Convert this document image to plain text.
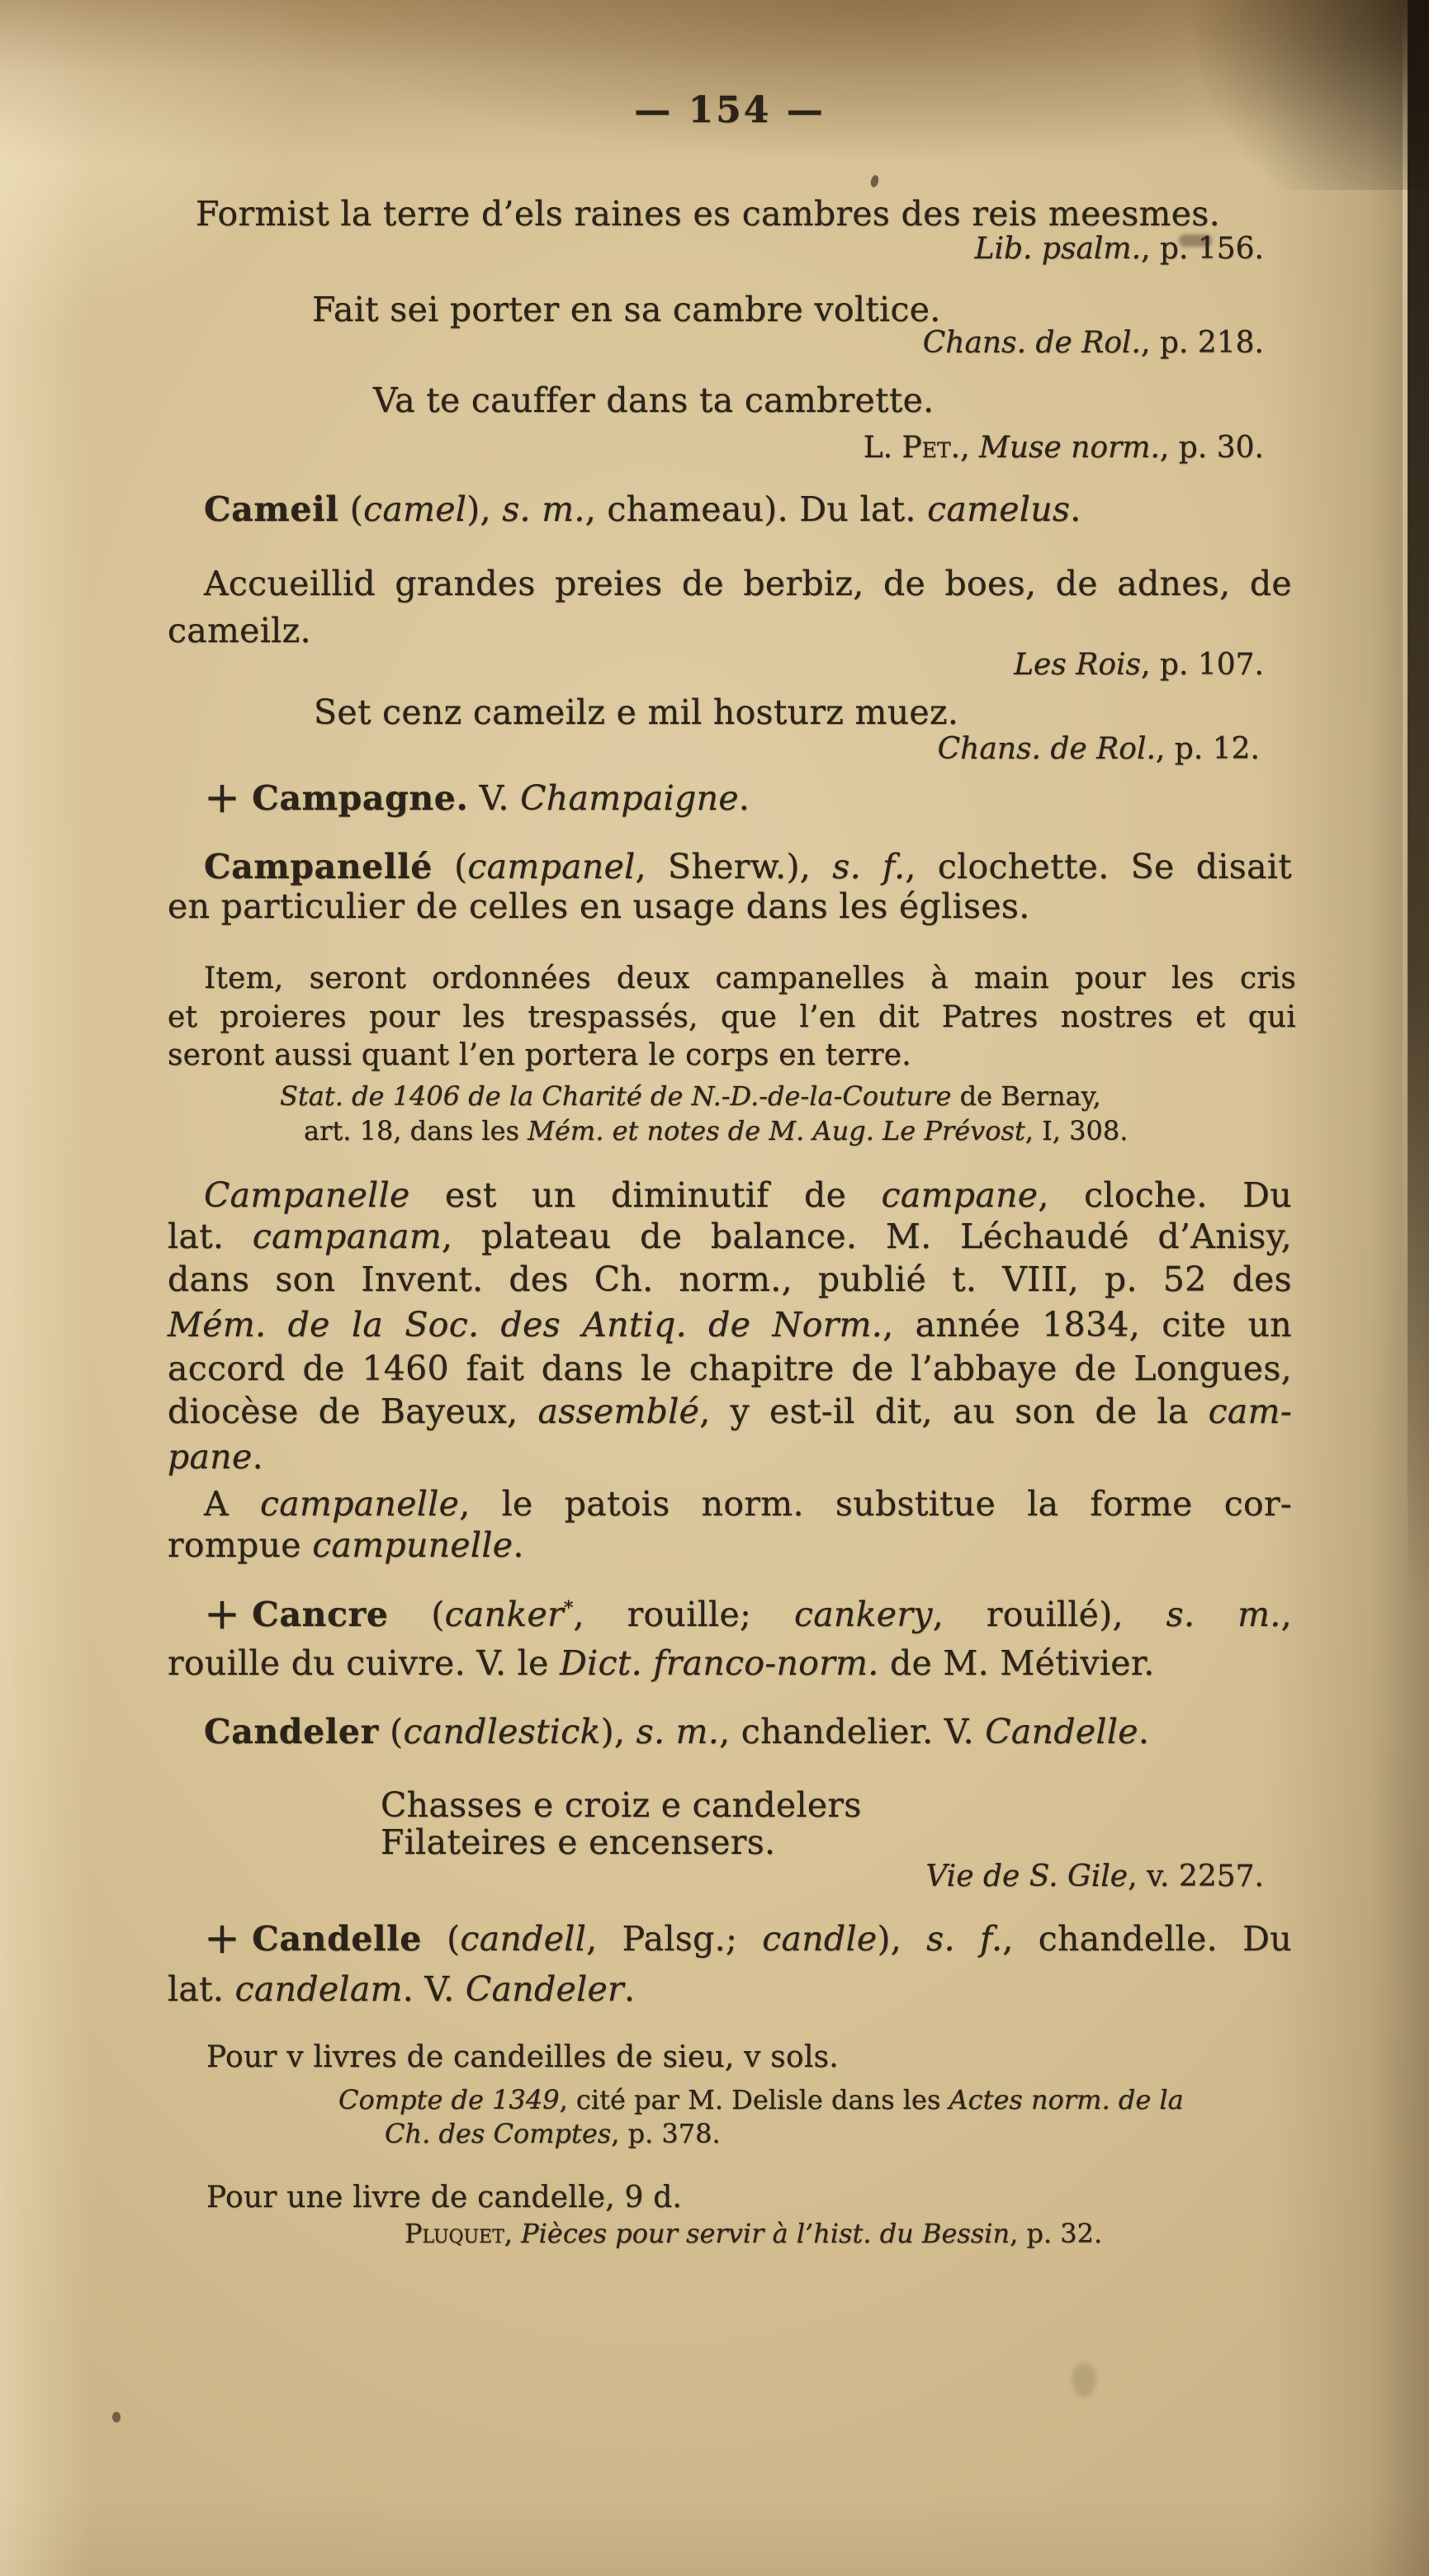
— 154 —
Formist la terre d’els raines es cambres des reis meesmes.
Lib. psalm., p. 156.
Fait sei porter en sa cambre voltice.
Chans. de Rol., p. 218.
Va te cauffer dans ta cambrette.
L. Pet., Muse norm., p. 30.
Cameil (camel), s. m., chameau). Du lat. camelus.
Accueillid grandes preies de berbiz, de boes, de adnes, de
cameilz.
Les Rois, p. 107.
Set cenz cameilz e mil hosturz muez.
Chans. de Rol., p. 12.
+ Campagne. V. Champaigne.
Campanellé (campanel, Sherw.), s. f., clochette. Se disait
en particulier de celles en usage dans les églises.
Item, seront ordonnées deux campanelles à main pour les cris
et proieres pour les trespassés, que l’en dit Patres nostres et qui
seront aussi quant l’en portera le corps en terre.
Stat. de 1406 de la Charité de N.-D.-de-la-Couture de Bernay,
art. 18, dans les Mém. et notes de M. Aug. Le Prévost, I, 308.
Campanelle est un diminutif de campane, cloche. Du
lat. campanam, plateau de balance. M. Léchaudé d’Anisy,
dans son Invent. des Ch. norm., publié t. VIII, p. 52 des
Mém. de la Soc. des Antiq. de Norm., année 1834, cite un
accord de 1460 fait dans le chapitre de l’abbaye de Longues,
diocèse de Bayeux, assemblé, y est-il dit, au son de la cam-
pane.
A campanelle, le patois norm. substitue la forme cor-
rompue campunelle.
+ Cancre (canker*, rouille; cankery, rouillé), s. m.,
rouille du cuivre. V. le Dict. franco-norm. de M. Métivier.
Candeler (candlestick), s. m., chandelier. V. Candelle.
Chasses e croiz e candelers
Filateires e encensers.
Vie de S. Gile, v. 2257.
+ Candelle (candell, Palsg.; candle), s. f., chandelle. Du
lat. candelam. V. Candeler.
Pour v livres de candeilles de sieu, v sols.
Compte de 1349, cité par M. Delisle dans les Actes norm. de la
Ch. des Comptes, p. 378.
Pour une livre de candelle, 9 d.
Pluquet, Pièces pour servir à l’hist. du Bessin, p. 32.
